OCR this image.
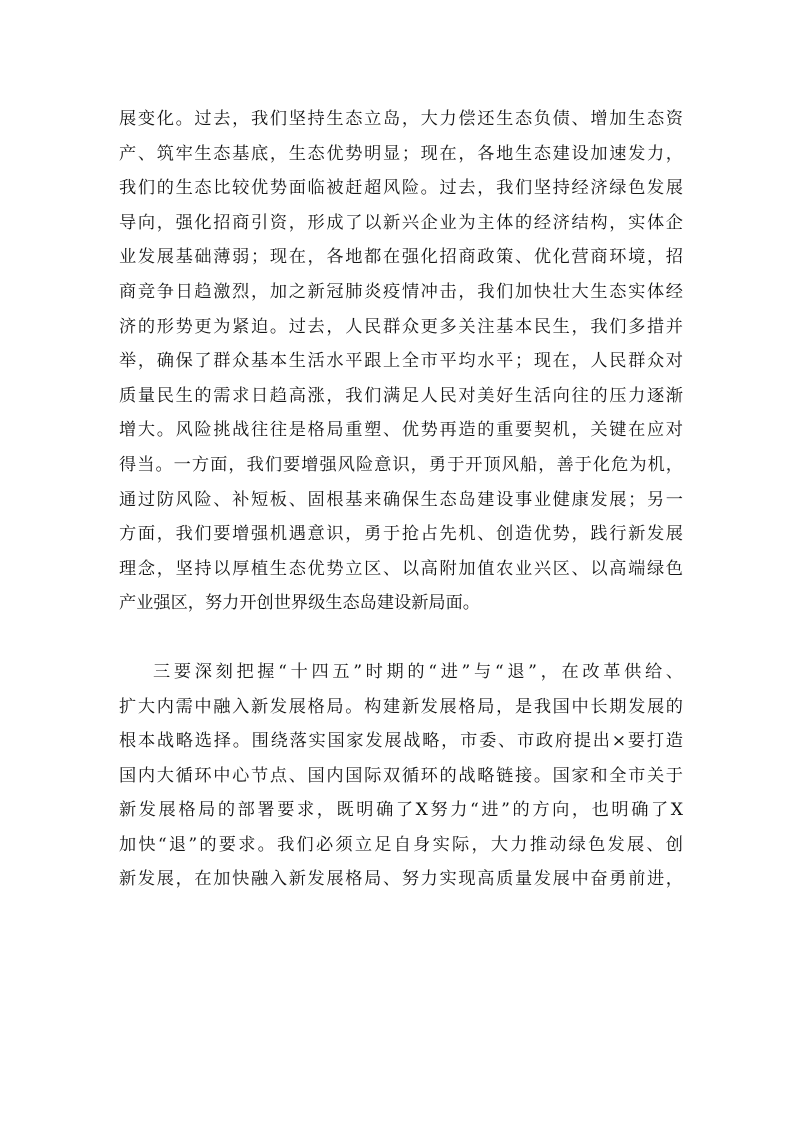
展变化。过去，我们坚持生态立岛，大力偿还生态负债、增加生态资
产、筑牢生态基底，生态优势明显；现在，各地生态建设加速发力，
我们的生态比较优势面临被赶超风险。过去，我们坚持经济绿色发展
导向，强化招商引资，形成了以新兴企业为主体的经济结构，实体企
业发展基础薄弱；现在，各地都在强化招商政策、优化营商环境，招
商竞争日趋激烈，加之新冠肺炎疫情冲击，我们加快壮大生态实体经
济的形势更为紧迫。过去，人民群众更多关注基本民生，我们多措并
举，确保了群众基本生活水平跟上全市平均水平；现在，人民群众对
质量民生的需求日趋高涨，我们满足人民对美好生活向往的压力逐渐
增大。风险挑战往往是格局重塑、优势再造的重要契机，关键在应对
得当。一方面，我们要增强风险意识，勇于开顶风船，善于化危为机，
通过防风险、补短板、固根基来确保生态岛建设事业健康发展；另一
方面，我们要增强机遇意识，勇于抢占先机、创造优势，践行新发展
理念，坚持以厚植生态优势立区、以高附加值农业兴区、以高端绿色
产业强区，努力开创世界级生态岛建设新局面。
三要深刻把握“十四五”时期的“进”与“退”，在改革供给、
扩大内需中融入新发展格局。构建新发展格局，是我国中长期发展的
根本战略选择。围绕落实国家发展战略，市委、市政府提出×要打造
国内大循环中心节点、国内国际双循环的战略链接。国家和全市关于
新发展格局的部署要求，既明确了X努力“进”的方向，也明确了X
加快“退”的要求。我们必须立足自身实际，大力推动绿色发展、创
新发展，在加快融入新发展格局、努力实现高质量发展中奋勇前进，
